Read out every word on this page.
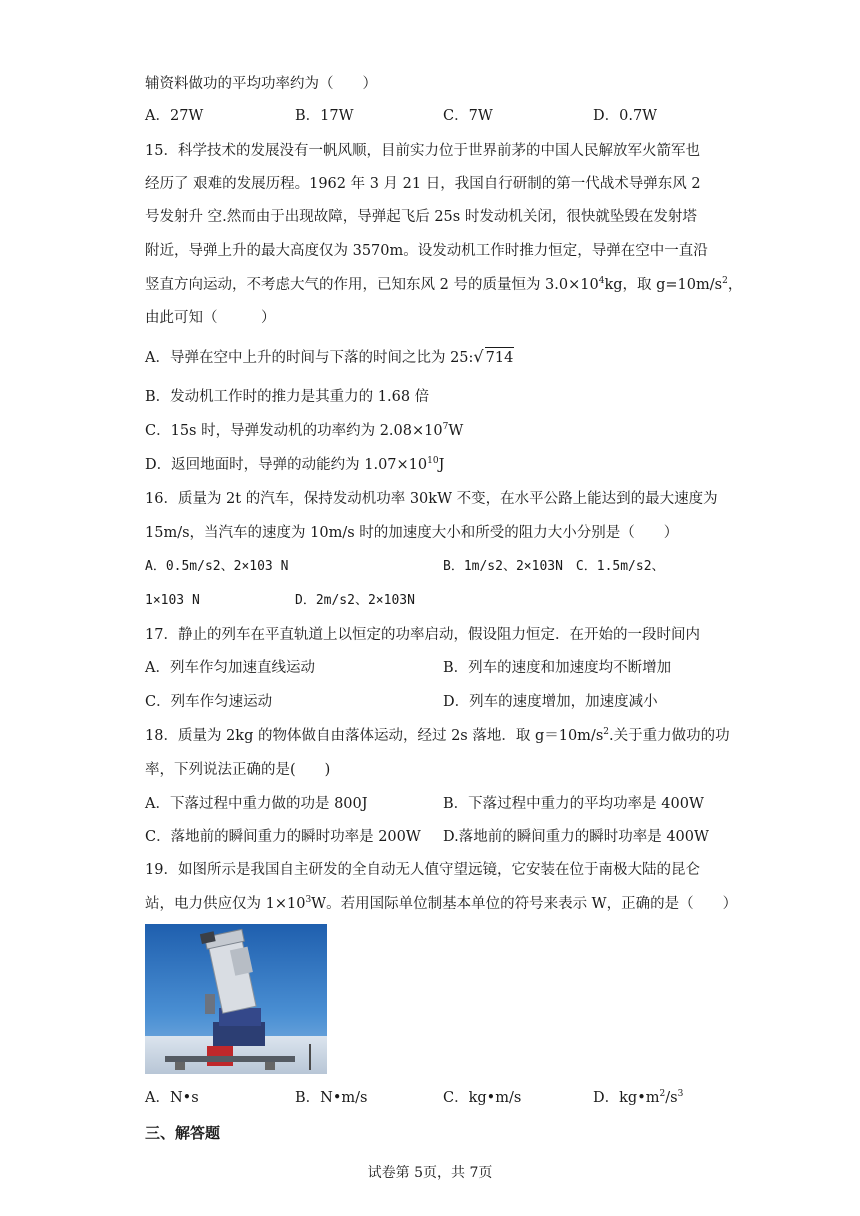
辅资料做功的平均功率约为（　　）
A．27W	B．17W	C．7W	D．0.7W
15．科学技术的发展没有一帆风顺，目前实力位于世界前茅的中国人民解放军火箭军也
经历了 艰难的发展历程。1962 年 3 月 21 日，我国自行研制的第一代战术导弹东风 2
号发射升 空.然而由于出现故障，导弹起飞后 25s 时发动机关闭，很快就坠毁在发射塔
附近，导弹上升的最大高度仅为 3570m。设发动机工作时推力恒定，导弹在空中一直沿
竖直方向运动，不考虑大气的作用，已知东风 2 号的质量恒为 $3.0\times 10^4kg$，取 $g=10m/s^2$，
由此可知（　　　）
A．导弹在空中上升的时间与下落的时间之比为 25:√ 714
B．发动机工作时的推力是其重力的 1.68 倍
C．15s 时，导弹发动机的功率约为 $2.08\times 10^7W$
D．返回地面时，导弹的动能约为 $1.07\times 10^{10}J$
16．质量为 2t 的汽车，保持发动机功率 30kW 不变，在水平公路上能达到的最大速度为
15m/s，当汽车的速度为 10m/s 时的加速度大小和所受的阻力大小分别是（　　）
A．0.5m/s2、2×103 N	B．1m/s2、2×103N　C．1.5m/s2、
1×103 N	D．2m/s2、2×103N
17．静止的列车在平直轨道上以恒定的功率启动，假设阻力恒定．在开始的一段时间内
A．列车作匀加速直线运动	B．列车的速度和加速度均不断增加
C．列车作匀速运动	D．列车的速度增加，加速度减小
18．质量为 2kg 的物体做自由落体运动，经过 2s 落地．取 $g=10m/s^2$.关于重力做功的功
率，下列说法正确的是(　　)
A．下落过程中重力做的功是 800J	B．下落过程中重力的平均功率是 400W
C．落地前的瞬间重力的瞬时功率是 200W D.落地前的瞬间重力的瞬时功率是 400W
19．如图所示是我国自主研发的全自动无人值守望远镜，它安装在位于南极大陆的昆仑
站，电力供应仅为 $1\times 10^3W$。若用国际单位制基本单位的符号来表示 W，正确的是（　　）
A．N•s	B．N•m/s	C．kg•m/s	D．$kg•m^2/s^3$
三、解答题
试卷第 5页，共 7页
